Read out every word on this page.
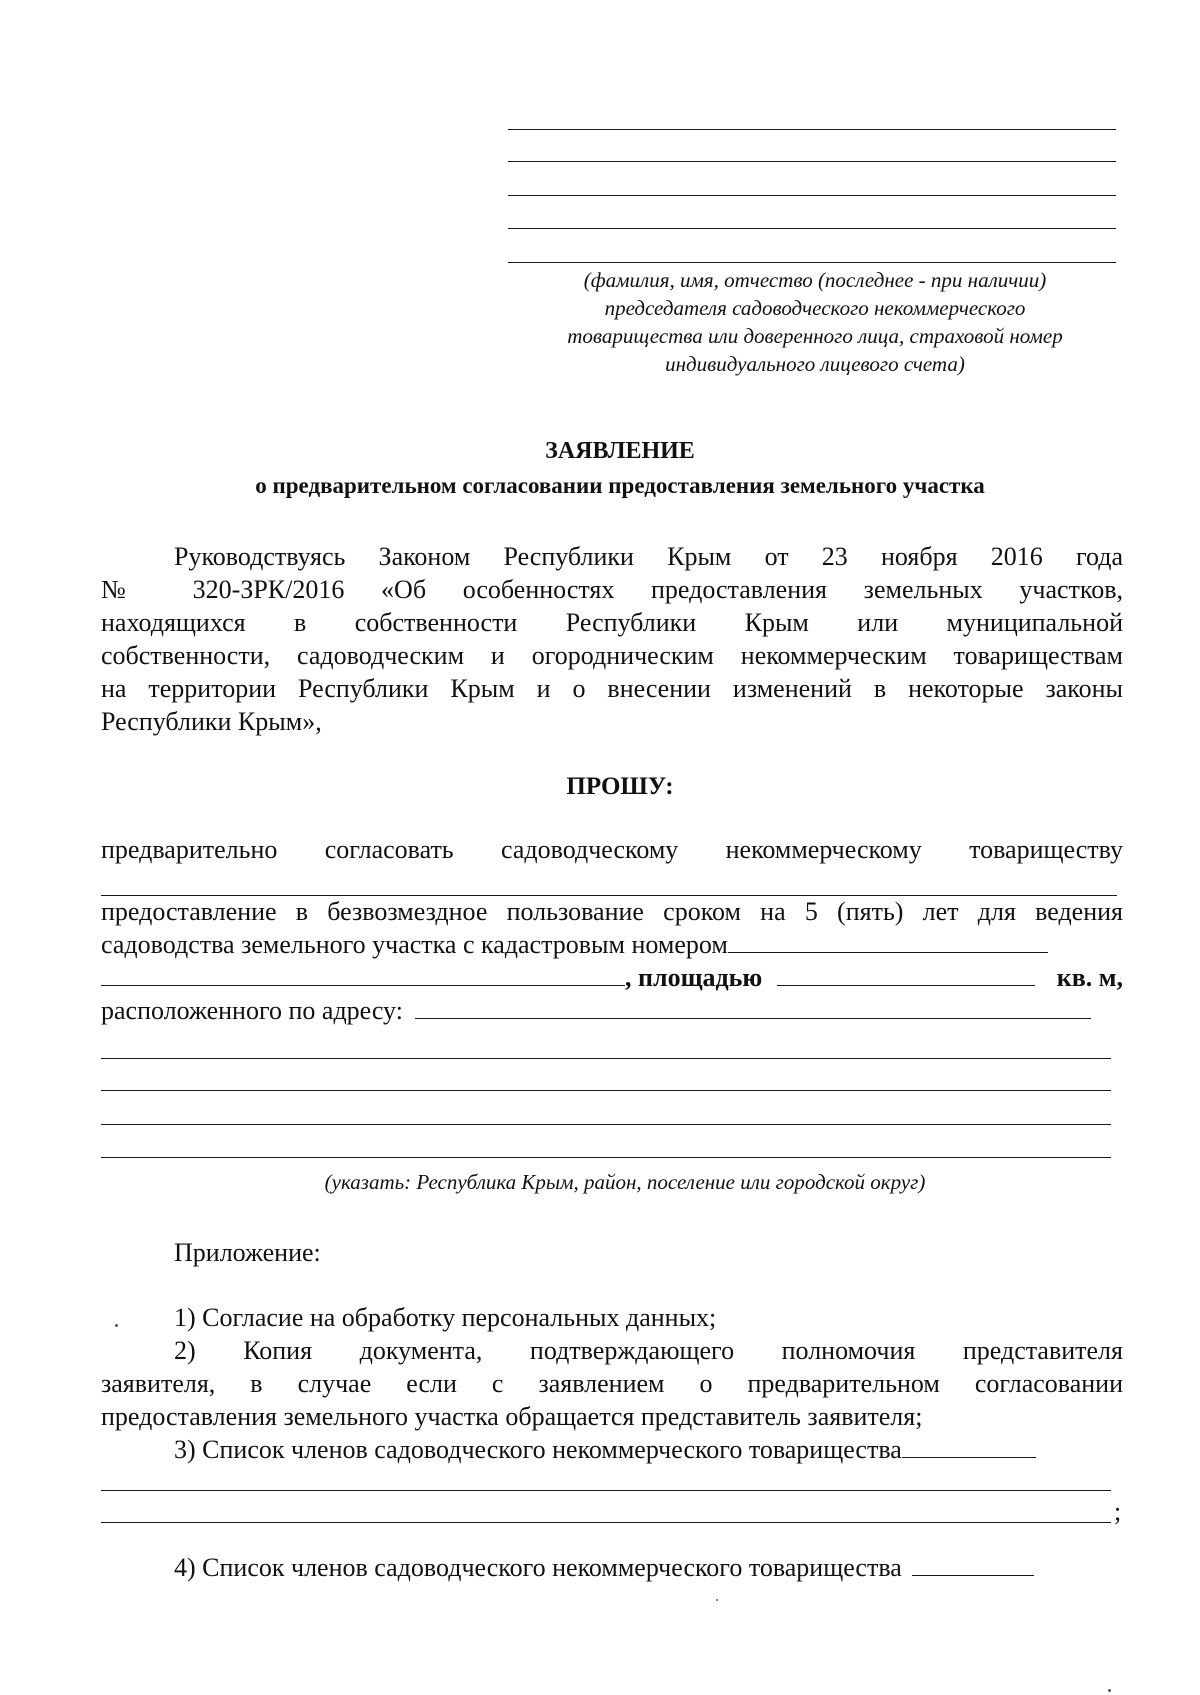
(фамилия, имя, отчество (последнее - при наличии)
председателя садоводческого некоммерческого
товарищества или доверенного лица, страховой номер
индивидуального лицевого счета)
ЗАЯВЛЕНИЕ
о предварительном согласовании предоставления земельного участка
Руководствуясь Законом Республики Крым от 23 ноября 2016 года
№ 320-ЗРК/2016 «Об особенностях предоставления земельных участков,
находящихся в собственности Республики Крым или муниципальной
собственности, садоводческим и огородническим некоммерческим товариществам
на территории Республики Крым и о внесении изменений в некоторые законы
Республики Крым»,
ПРОШУ:
предварительно согласовать садоводческому некоммерческому товариществу
предоставление в безвозмездное пользование сроком на 5 (пять) лет для ведения
садоводства земельного участка с кадастровым номером
, площадью	кв. м,
расположенного по адресу:
(указать: Республика Крым, район, поселение или городской округ)
Приложение:
1) Согласие на обработку персональных данных;
2) Копия документа, подтверждающего полномочия представителя
заявителя, в случае если с заявлением о предварительном согласовании
предоставления земельного участка обращается представитель заявителя;
3) Список членов садоводческого некоммерческого товарищества
;
4) Список членов садоводческого некоммерческого товарищества
